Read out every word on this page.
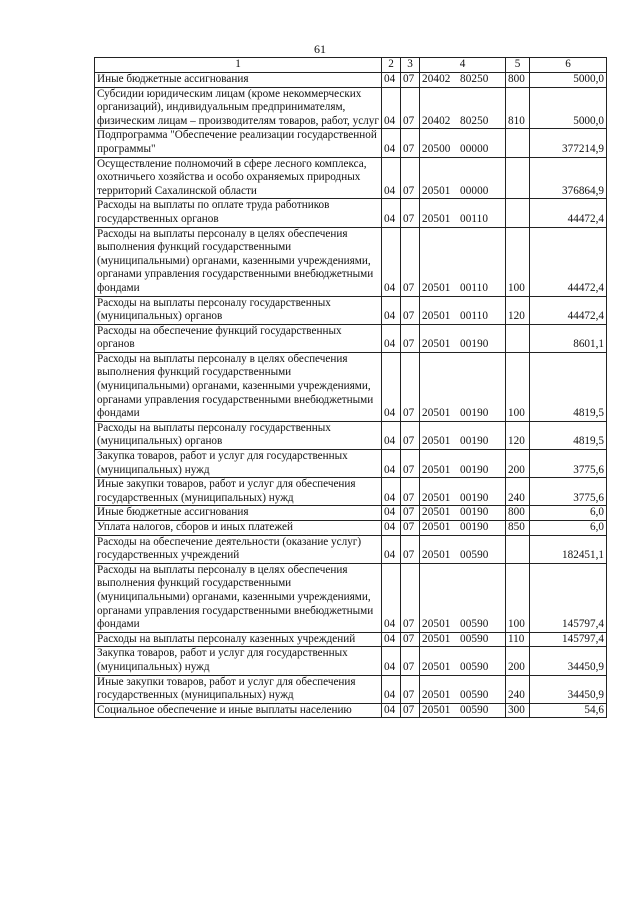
61
1	2	3	4	5	6
Иные бюджетные ассигнования	04	07	20402 80250	800	5000,0
Субсидии юридическим лицам (кроме некоммерческих организаций), индивидуальным предпринимателям, физическим лицам – производителям товаров, работ, услуг	04	07	20402 80250	810	5000,0
Подпрограмма "Обеспечение реализации государственной программы"	04	07	20500 00000		377214,9
Осуществление полномочий в сфере лесного комплекса, охотничьего хозяйства и особо охраняемых природных территорий Сахалинской области	04	07	20501 00000		376864,9
Расходы на выплаты по оплате труда работников государственных органов	04	07	20501 00110		44472,4
Расходы на выплаты персоналу в целях обеспечения выполнения функций государственными (муниципальными) органами, казенными учреждениями, органами управления государственными внебюджетными фондами	04	07	20501 00110	100	44472,4
Расходы на выплаты персоналу государственных (муниципальных) органов	04	07	20501 00110	120	44472,4
Расходы на обеспечение функций государственных органов	04	07	20501 00190		8601,1
Расходы на выплаты персоналу в целях обеспечения выполнения функций государственными (муниципальными) органами, казенными учреждениями, органами управления государственными внебюджетными фондами	04	07	20501 00190	100	4819,5
Расходы на выплаты персоналу государственных (муниципальных) органов	04	07	20501 00190	120	4819,5
Закупка товаров, работ и услуг для государственных (муниципальных) нужд	04	07	20501 00190	200	3775,6
Иные закупки товаров, работ и услуг для обеспечения государственных (муниципальных) нужд	04	07	20501 00190	240	3775,6
Иные бюджетные ассигнования	04	07	20501 00190	800	6,0
Уплата налогов, сборов и иных платежей	04	07	20501 00190	850	6,0
Расходы на обеспечение деятельности (оказание услуг) государственных учреждений	04	07	20501 00590		182451,1
Расходы на выплаты персоналу в целях обеспечения выполнения функций государственными (муниципальными) органами, казенными учреждениями, органами управления государственными внебюджетными фондами	04	07	20501 00590	100	145797,4
Расходы на выплаты персоналу казенных учреждений	04	07	20501 00590	110	145797,4
Закупка товаров, работ и услуг для государственных (муниципальных) нужд	04	07	20501 00590	200	34450,9
Иные закупки товаров, работ и услуг для обеспечения государственных (муниципальных) нужд	04	07	20501 00590	240	34450,9
Социальное обеспечение и иные выплаты населению	04	07	20501 00590	300	54,6
